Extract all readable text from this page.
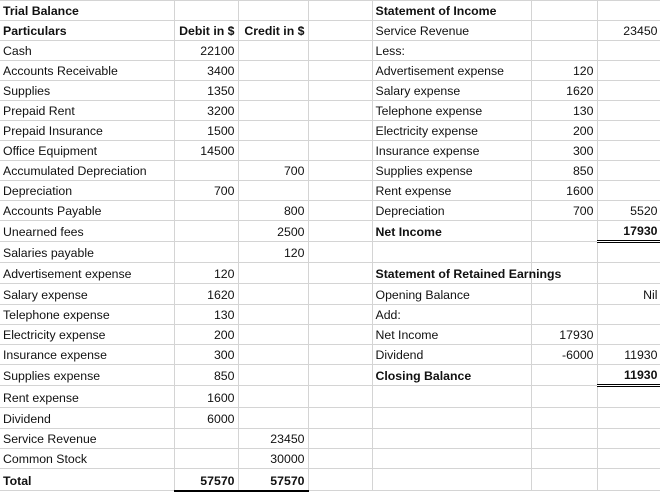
Trial Balance				Statement of Income		
Particulars	Debit in $	Credit in $		Service Revenue		23450
Cash	22100			Less:		
Accounts Receivable	3400			Advertisement expense	120	
Supplies	1350			Salary expense	1620	
Prepaid Rent	3200			Telephone expense	130	
Prepaid Insurance	1500			Electricity expense	200	
Office Equipment	14500			Insurance expense	300	
Accumulated Depreciation		700		Supplies expense	850	
Depreciation	700			Rent expense	1600	
Accounts Payable		800		Depreciation	700	5520
Unearned fees		2500		Net Income		17930
Salaries payable		120				
Advertisement expense	120			Statement of Retained Earnings		
Salary expense	1620			Opening Balance		Nil
Telephone expense	130			Add:		
Electricity expense	200			Net Income	17930	
Insurance expense	300			Dividend	-6000	11930
Supplies expense	850			Closing Balance		11930
Rent expense	1600					
Dividend	6000					
Service Revenue		23450				
Common Stock		30000				
Total	57570	57570				
